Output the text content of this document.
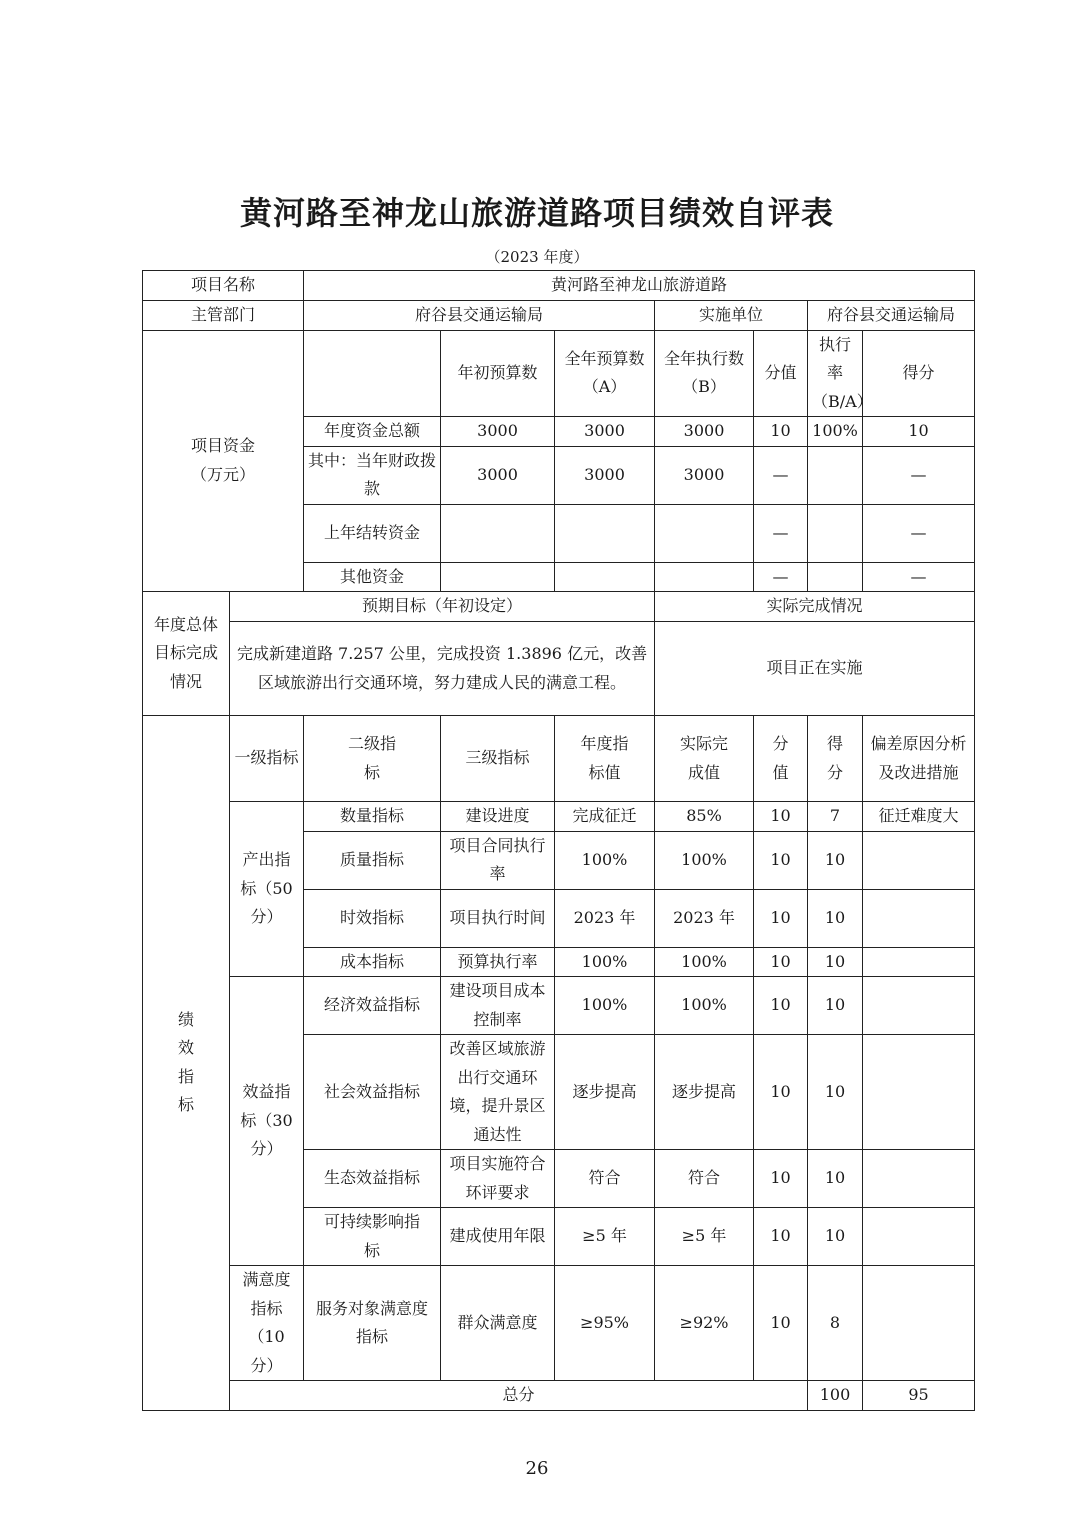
黄河路至神龙山旅游道路项目绩效自评表
（2023 年度）
项目名称		黄河路至神龙山旅游道路							
主管部门		府谷县交通运输局			实施单位		府谷县交通运输局		

项目资金
（万元）			年初预算数	全年预算数（A）	全年执行数（B）	分值	执行率（B/A）	得分	
		年度资金总额	3000	3000	3000	10	100%	10	
		其中：当年财政拨款	3000	3000	3000	—		—	
		上年结转资金				—		—	
		其他资金				—		—	
年度总体目标完成情况	预期目标（年初设定）				实际完成情况				
	完成新建道路 7.257 公里，完成投资 1.3896 亿元，改善区域旅游出行交通环境，努力建成人民的满意工程。				项目正在实施				
绩效指标	一级指标	二级指标	三级指标	年度指标值	实际完成值	分值	得分	偏差原因分析及改进措施	
	产出指标（50分）	数量指标	建设进度	完成征迁	85%	10	7	征迁难度大	
		质量指标	项目合同执行率	100%	100%	10	10		
		时效指标	项目执行时间	2023 年	2023 年	10	10		
		成本指标	预算执行率	100%	100%	10	10		
	效益指标（30分）	经济效益指标	建设项目成本控制率	100%	100%	10	10		
		社会效益指标	改善区域旅游出行交通环境，提升景区通达性	逐步提高	逐步提高	10	10		
		生态效益指标	项目实施符合环评要求	符合	符合	10	10		
		可持续影响指标	建成使用年限	≥5 年	≥5 年	10	10		
	满意度指标（10分）	服务对象满意度指标	群众满意度	≥95%	≥92%	10	8		
	总分						100	95	
26
